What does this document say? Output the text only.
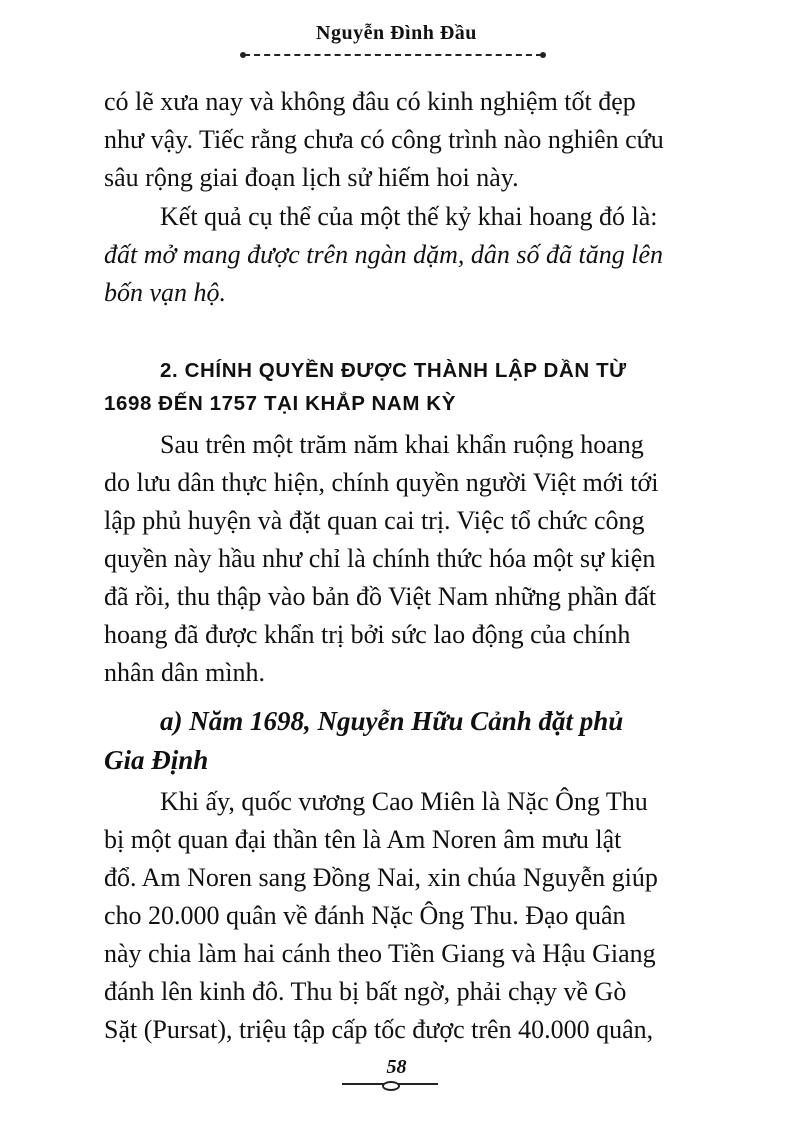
Nguyễn Đình Đầu
có lẽ xưa nay và không đâu có kinh nghiệm tốt đẹp
như vậy. Tiếc rằng chưa có công trình nào nghiên cứu
sâu rộng giai đoạn lịch sử hiếm hoi này.
Kết quả cụ thể của một thế kỷ khai hoang đó là:
đất mở mang được trên ngàn dặm, dân số đã tăng lên
bốn vạn hộ.
2. CHÍNH QUYỀN ĐƯỢC THÀNH LẬP DẦN TỪ
1698 ĐẾN 1757 TẠI KHẮP NAM KỲ
Sau trên một trăm năm khai khẩn ruộng hoang
do lưu dân thực hiện, chính quyền người Việt mới tới
lập phủ huyện và đặt quan cai trị. Việc tổ chức công
quyền này hầu như chỉ là chính thức hóa một sự kiện
đã rồi, thu thập vào bản đồ Việt Nam những phần đất
hoang đã được khẩn trị bởi sức lao động của chính
nhân dân mình.
a) Năm 1698, Nguyễn Hữu Cảnh đặt phủ
Gia Định
Khi ấy, quốc vương Cao Miên là Nặc Ông Thu
bị một quan đại thần tên là Am Noren âm mưu lật
đổ. Am Noren sang Đồng Nai, xin chúa Nguyễn giúp
cho 20.000 quân về đánh Nặc Ông Thu. Đạo quân
này chia làm hai cánh theo Tiền Giang và Hậu Giang
đánh lên kinh đô. Thu bị bất ngờ, phải chạy về Gò
Sặt (Pursat), triệu tập cấp tốc được trên 40.000 quân,
58
